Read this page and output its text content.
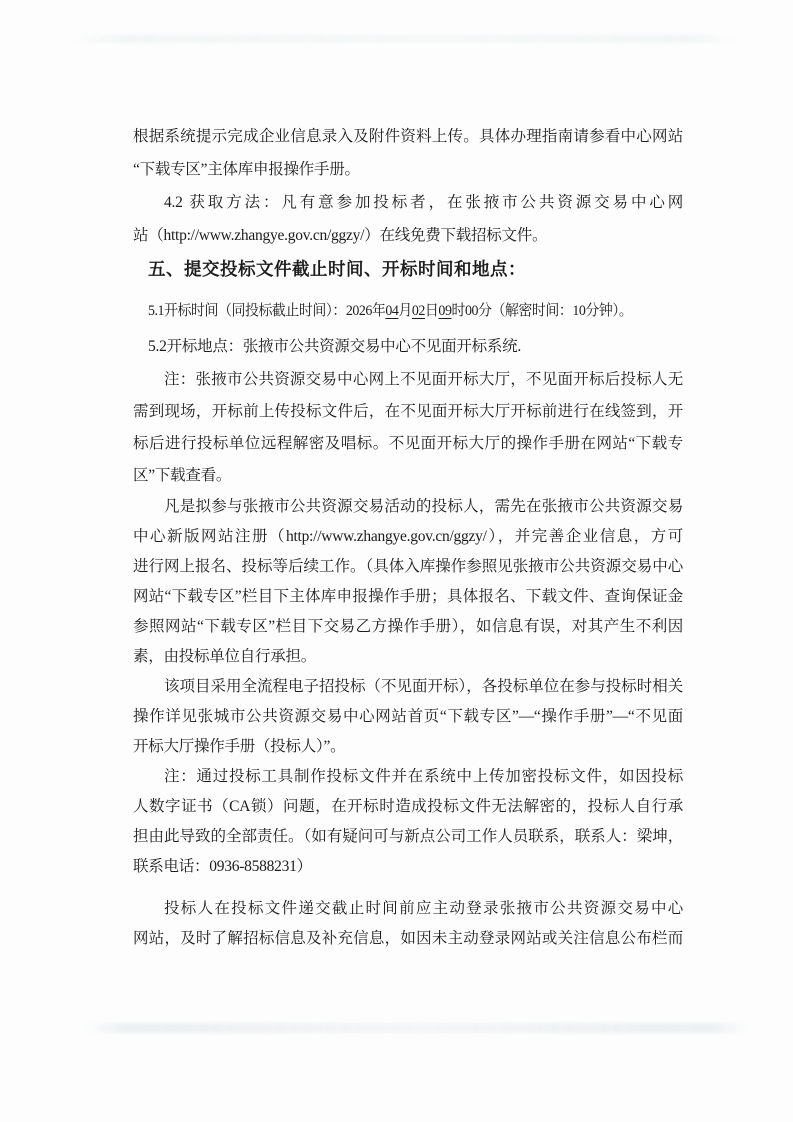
根据系统提示完成企业信息录入及附件资料上传。具体办理指南请参看中心网站
“下载专区”主体库申报操作手册。
4.2 获取方法：凡有意参加投标者，在张掖市公共资源交易中心网
站（http://www.zhangye.gov.cn/ggzy/）在线免费下载招标文件。
五、提交投标文件截止时间、开标时间和地点：
5.1开标时间（同投标截止时间）：2026年04月02日09时00分（解密时间：10分钟）。
5.2开标地点：张掖市公共资源交易中心不见面开标系统.
注：张掖市公共资源交易中心网上不见面开标大厅，不见面开标后投标人无
需到现场，开标前上传投标文件后，在不见面开标大厅开标前进行在线签到，开
标后进行投标单位远程解密及唱标。不见面开标大厅的操作手册在网站“下载专
区”下载查看。
凡是拟参与张掖市公共资源交易活动的投标人，需先在张掖市公共资源交易
中心新版网站注册（http://www.zhangye.gov.cn/ggzy/），并完善企业信息，方可
进行网上报名、投标等后续工作。（具体入库操作参照见张掖市公共资源交易中心
网站“下载专区”栏目下主体库申报操作手册；具体报名、下载文件、查询保证金
参照网站“下载专区”栏目下交易乙方操作手册），如信息有误，对其产生不利因
素，由投标单位自行承担。
该项目采用全流程电子招投标（不见面开标），各投标单位在参与投标时相关
操作详见张城市公共资源交易中心网站首页“下载专区”—“操作手册”—“不见面
开标大厅操作手册（投标人）”。
注：通过投标工具制作投标文件并在系统中上传加密投标文件，如因投标
人数字证书（CA锁）问题，在开标时造成投标文件无法解密的，投标人自行承
担由此导致的全部责任。（如有疑问可与新点公司工作人员联系，联系人：梁坤，
联系电话：0936-8588231）
投标人在投标文件递交截止时间前应主动登录张掖市公共资源交易中心
网站，及时了解招标信息及补充信息，如因未主动登录网站或关注信息公布栏而
